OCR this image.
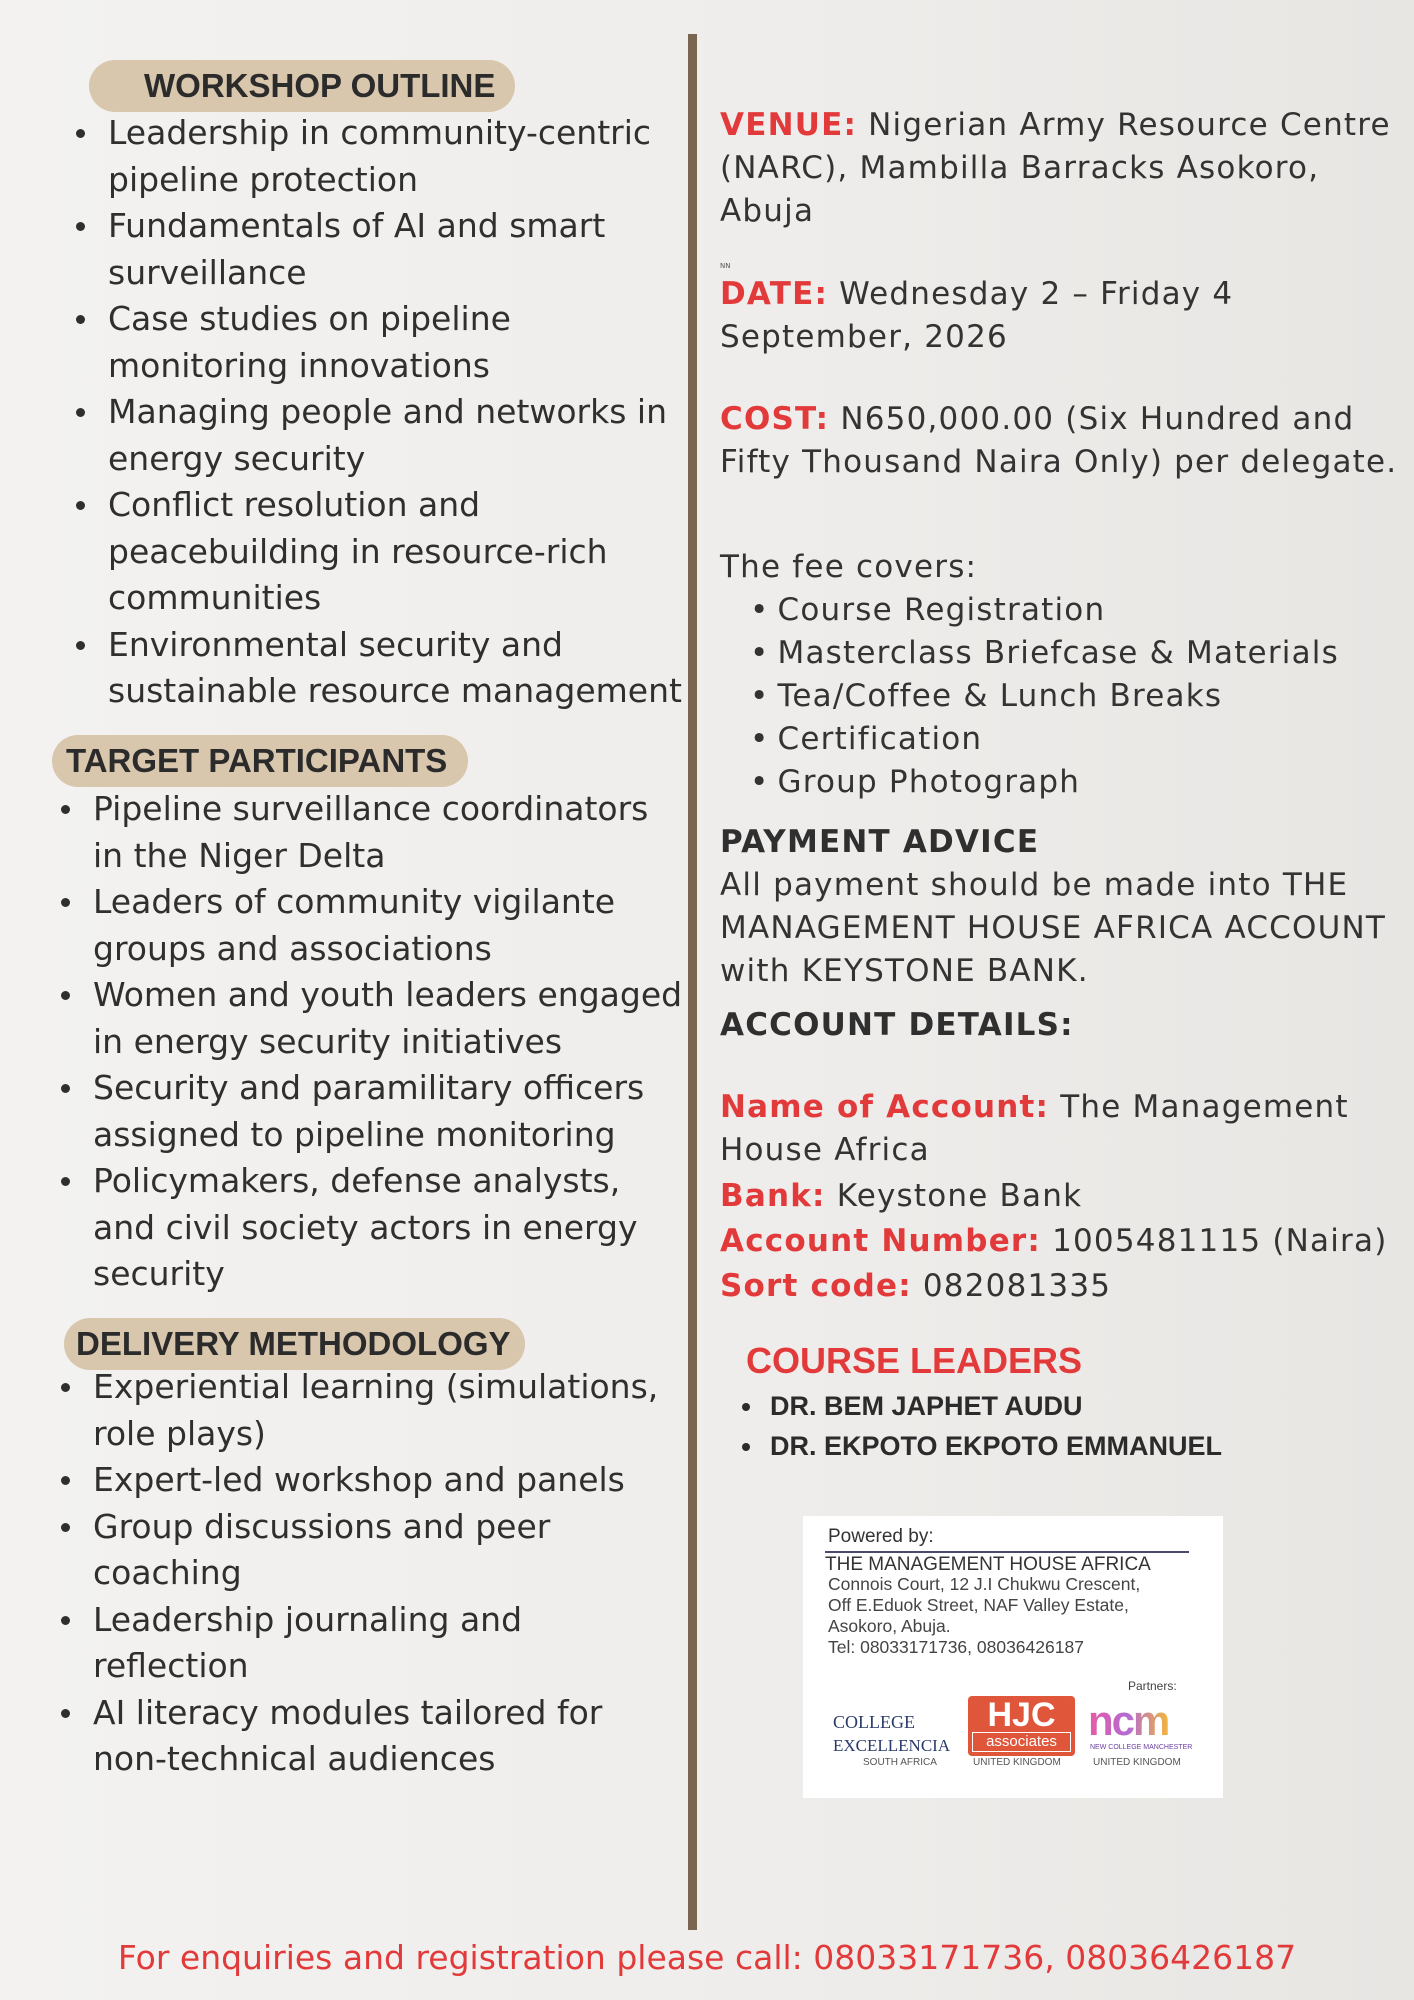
WORKSHOP OUTLINE
Leadership in community-centric pipeline protection
Fundamentals of AI and smart surveillance
Case studies on pipeline monitoring innovations
Managing people and networks in energy security
Conflict resolution and peacebuilding in resource-rich communities
Environmental security and sustainable resource management
TARGET PARTICIPANTS
Pipeline surveillance coordinators in the Niger Delta
Leaders of community vigilante groups and associations
Women and youth leaders engaged in energy security initiatives
Security and paramilitary officers assigned to pipeline monitoring
Policymakers, defense analysts, and civil society actors in energy security
DELIVERY METHODOLOGY
Experiential learning (simulations, role plays)
Expert-led workshop and panels
Group discussions and peer coaching
Leadership journaling and reflection
AI literacy modules tailored for non-technical audiences

VENUE: Nigerian Army Resource Centre (NARC), Mambilla Barracks Asokoro, Abuja

NN

DATE: Wednesday 2 – Friday 4 September, 2026

COST: N650,000.00 (Six Hundred and Fifty Thousand Naira Only) per delegate.

The fee covers:

• Course Registration
• Masterclass Briefcase & Materials
• Tea/Coffee & Lunch Breaks
• Certification
• Group Photograph

PAYMENT ADVICE

All payment should be made into THE MANAGEMENT HOUSE AFRICA ACCOUNT with KEYSTONE BANK.

ACCOUNT DETAILS:

Name of Account: The Management House Africa

Bank: Keystone Bank

Account Number: 1005481115 (Naira)

Sort code: 082081335

COURSE LEADERS
DR. BEM JAPHET AUDU
DR. EKPOTO EKPOTO EMMANUEL
Powered by:
THE MANAGEMENT HOUSE AFRICA
Connois Court, 12 J.I Chukwu Crescent,
Off E.Eduok Street, NAF Valley Estate,
Asokoro, Abuja.
Tel: 08033171736, 08036426187
Partners:
COLLEGE
EXCELLENCIA
HJC
associates ncm
NEW COLLEGE MANCHESTER
SOUTH AFRICA	UNITED KINGDOM	UNITED KINGDOM
For enquiries and registration please call: 08033171736, 08036426187
